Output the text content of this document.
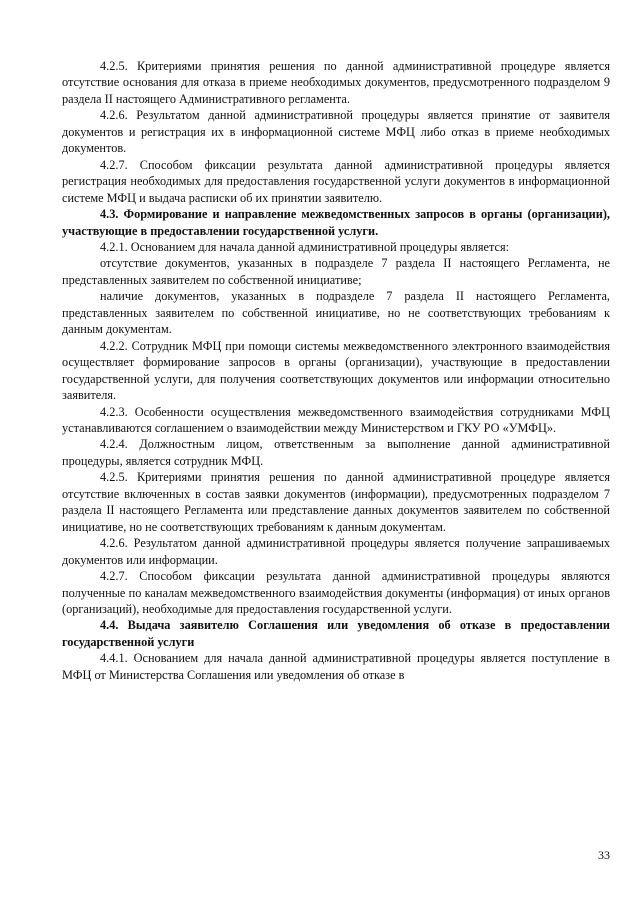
4.2.5. Критериями принятия решения по данной административной процедуре является отсутствие основания для отказа в приеме необходимых документов, предусмотренного подразделом 9 раздела II настоящего Административного регламента.

4.2.6. Результатом данной административной процедуры является принятие от заявителя документов и регистрация их в информационной системе МФЦ либо отказ в приеме необходимых документов.

4.2.7. Способом фиксации результата данной административной процедуры является регистрация необходимых для предоставления государственной услуги документов в информационной системе МФЦ и выдача расписки об их принятии заявителю.

4.3. Формирование и направление межведомственных запросов в органы (организации), участвующие в предоставлении государственной услуги.

4.2.1. Основанием для начала данной административной процедуры является:

отсутствие документов, указанных в подразделе 7 раздела II настоящего Регламента, не представленных заявителем по собственной инициативе;

наличие документов, указанных в подразделе 7 раздела II настоящего Регламента, представленных заявителем по собственной инициативе, но не соответствующих требованиям к данным документам.

4.2.2. Сотрудник МФЦ при помощи системы межведомственного электронного взаимодействия осуществляет формирование запросов в органы (организации), участвующие в предоставлении государственной услуги, для получения соответствующих документов или информации относительно заявителя.

4.2.3. Особенности осуществления межведомственного взаимодействия сотрудниками МФЦ устанавливаются соглашением о взаимодействии между Министерством и ГКУ РО «УМФЦ».

4.2.4. Должностным лицом, ответственным за выполнение данной административной процедуры, является сотрудник МФЦ.

4.2.5. Критериями принятия решения по данной административной процедуре является отсутствие включенных в состав заявки документов (информации), предусмотренных подразделом 7 раздела II настоящего Регламента или представление данных документов заявителем по собственной инициативе, но не соответствующих требованиям к данным документам.

4.2.6. Результатом данной административной процедуры является получение запрашиваемых документов или информации.

4.2.7. Способом фиксации результата данной административной процедуры являются полученные по каналам межведомственного взаимодействия документы (информация) от иных органов (организаций), необходимые для предоставления государственной услуги.

4.4. Выдача заявителю Соглашения или уведомления об отказе в предоставлении государственной услуги

4.4.1. Основанием для начала данной административной процедуры является поступление в МФЦ от Министерства Соглашения или уведомления об отказе в

33
